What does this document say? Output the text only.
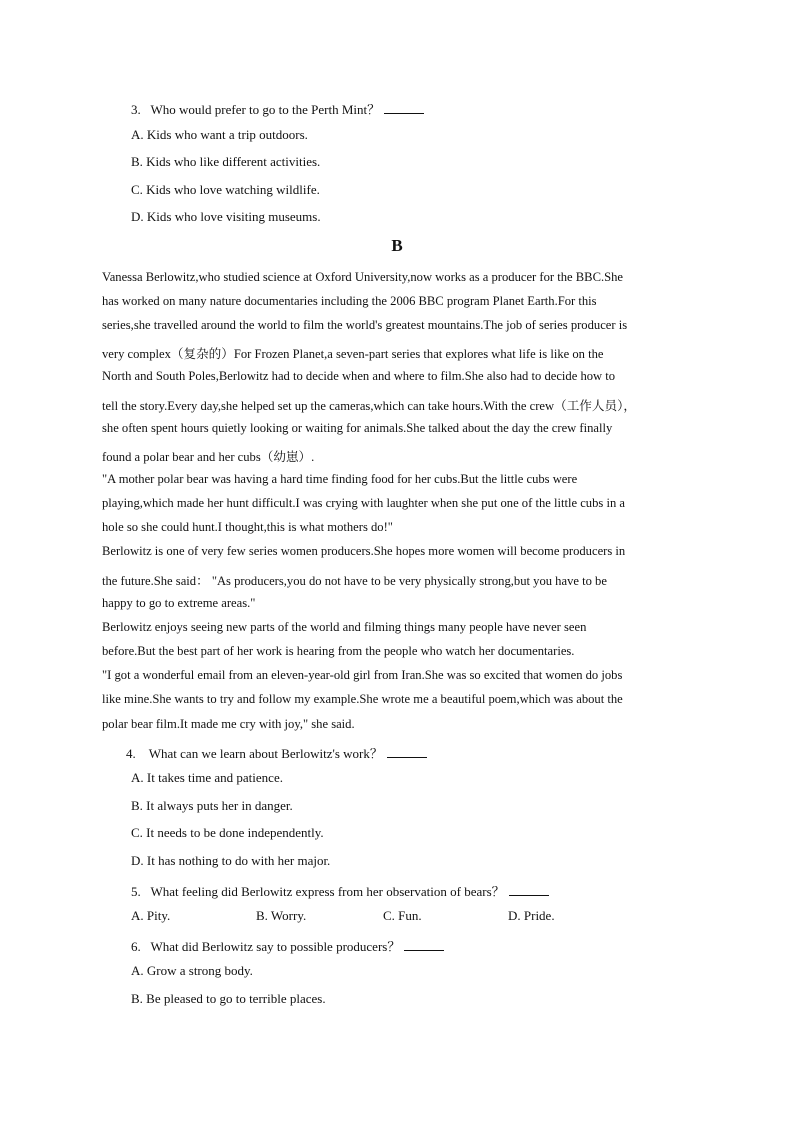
3. Who would prefer to go to the Perth Mint？
A. Kids who want a trip outdoors.
B. Kids who like different activities.
C. Kids who love watching wildlife.
D. Kids who love visiting museums.
B
Vanessa Berlowitz,who studied science at Oxford University,now works as a producer for the BBC.She
has worked on many nature documentaries including the 2006 BBC program Planet Earth.For this
series,she travelled around the world to film the world's greatest mountains.The job of series producer is
very complex（复杂的）For Frozen Planet,a seven-part series that explores what life is like on the
North and South Poles,Berlowitz had to decide when and where to film.She also had to decide how to
tell the story.Every day,she helped set up the cameras,which can take hours.With the crew（工作人员），
she often spent hours quietly looking or waiting for animals.She talked about the day the crew finally
found a polar bear and her cubs（幼崽）.
"A mother polar bear was having a hard time finding food for her cubs.But the little cubs were
playing,which made her hunt difficult.I was crying with laughter when she put one of the little cubs in a
hole so she could hunt.I thought,this is what mothers do!"
Berlowitz is one of very few series women producers.She hopes more women will become producers in
the future.She said： "As producers,you do not have to be very physically strong,but you have to be
happy to go to extreme areas."
Berlowitz enjoys seeing new parts of the world and filming things many people have never seen
before.But the best part of her work is hearing from the people who watch her documentaries.
"I got a wonderful email from an eleven-year-old girl from Iran.She was so excited that women do jobs
like mine.She wants to try and follow my example.She wrote me a beautiful poem,which was about the
polar bear film.It made me cry with joy," she said.
4. What can we learn about Berlowitz's work？
A. It takes time and patience.
B. It always puts her in danger.
C. It needs to be done independently.
D. It has nothing to do with her major.
5. What feeling did Berlowitz express from her observation of bears？
A. Pity.	B. Worry.	C. Fun.	D. Pride.
6. What did Berlowitz say to possible producers？
A. Grow a strong body.
B. Be pleased to go to terrible places.
